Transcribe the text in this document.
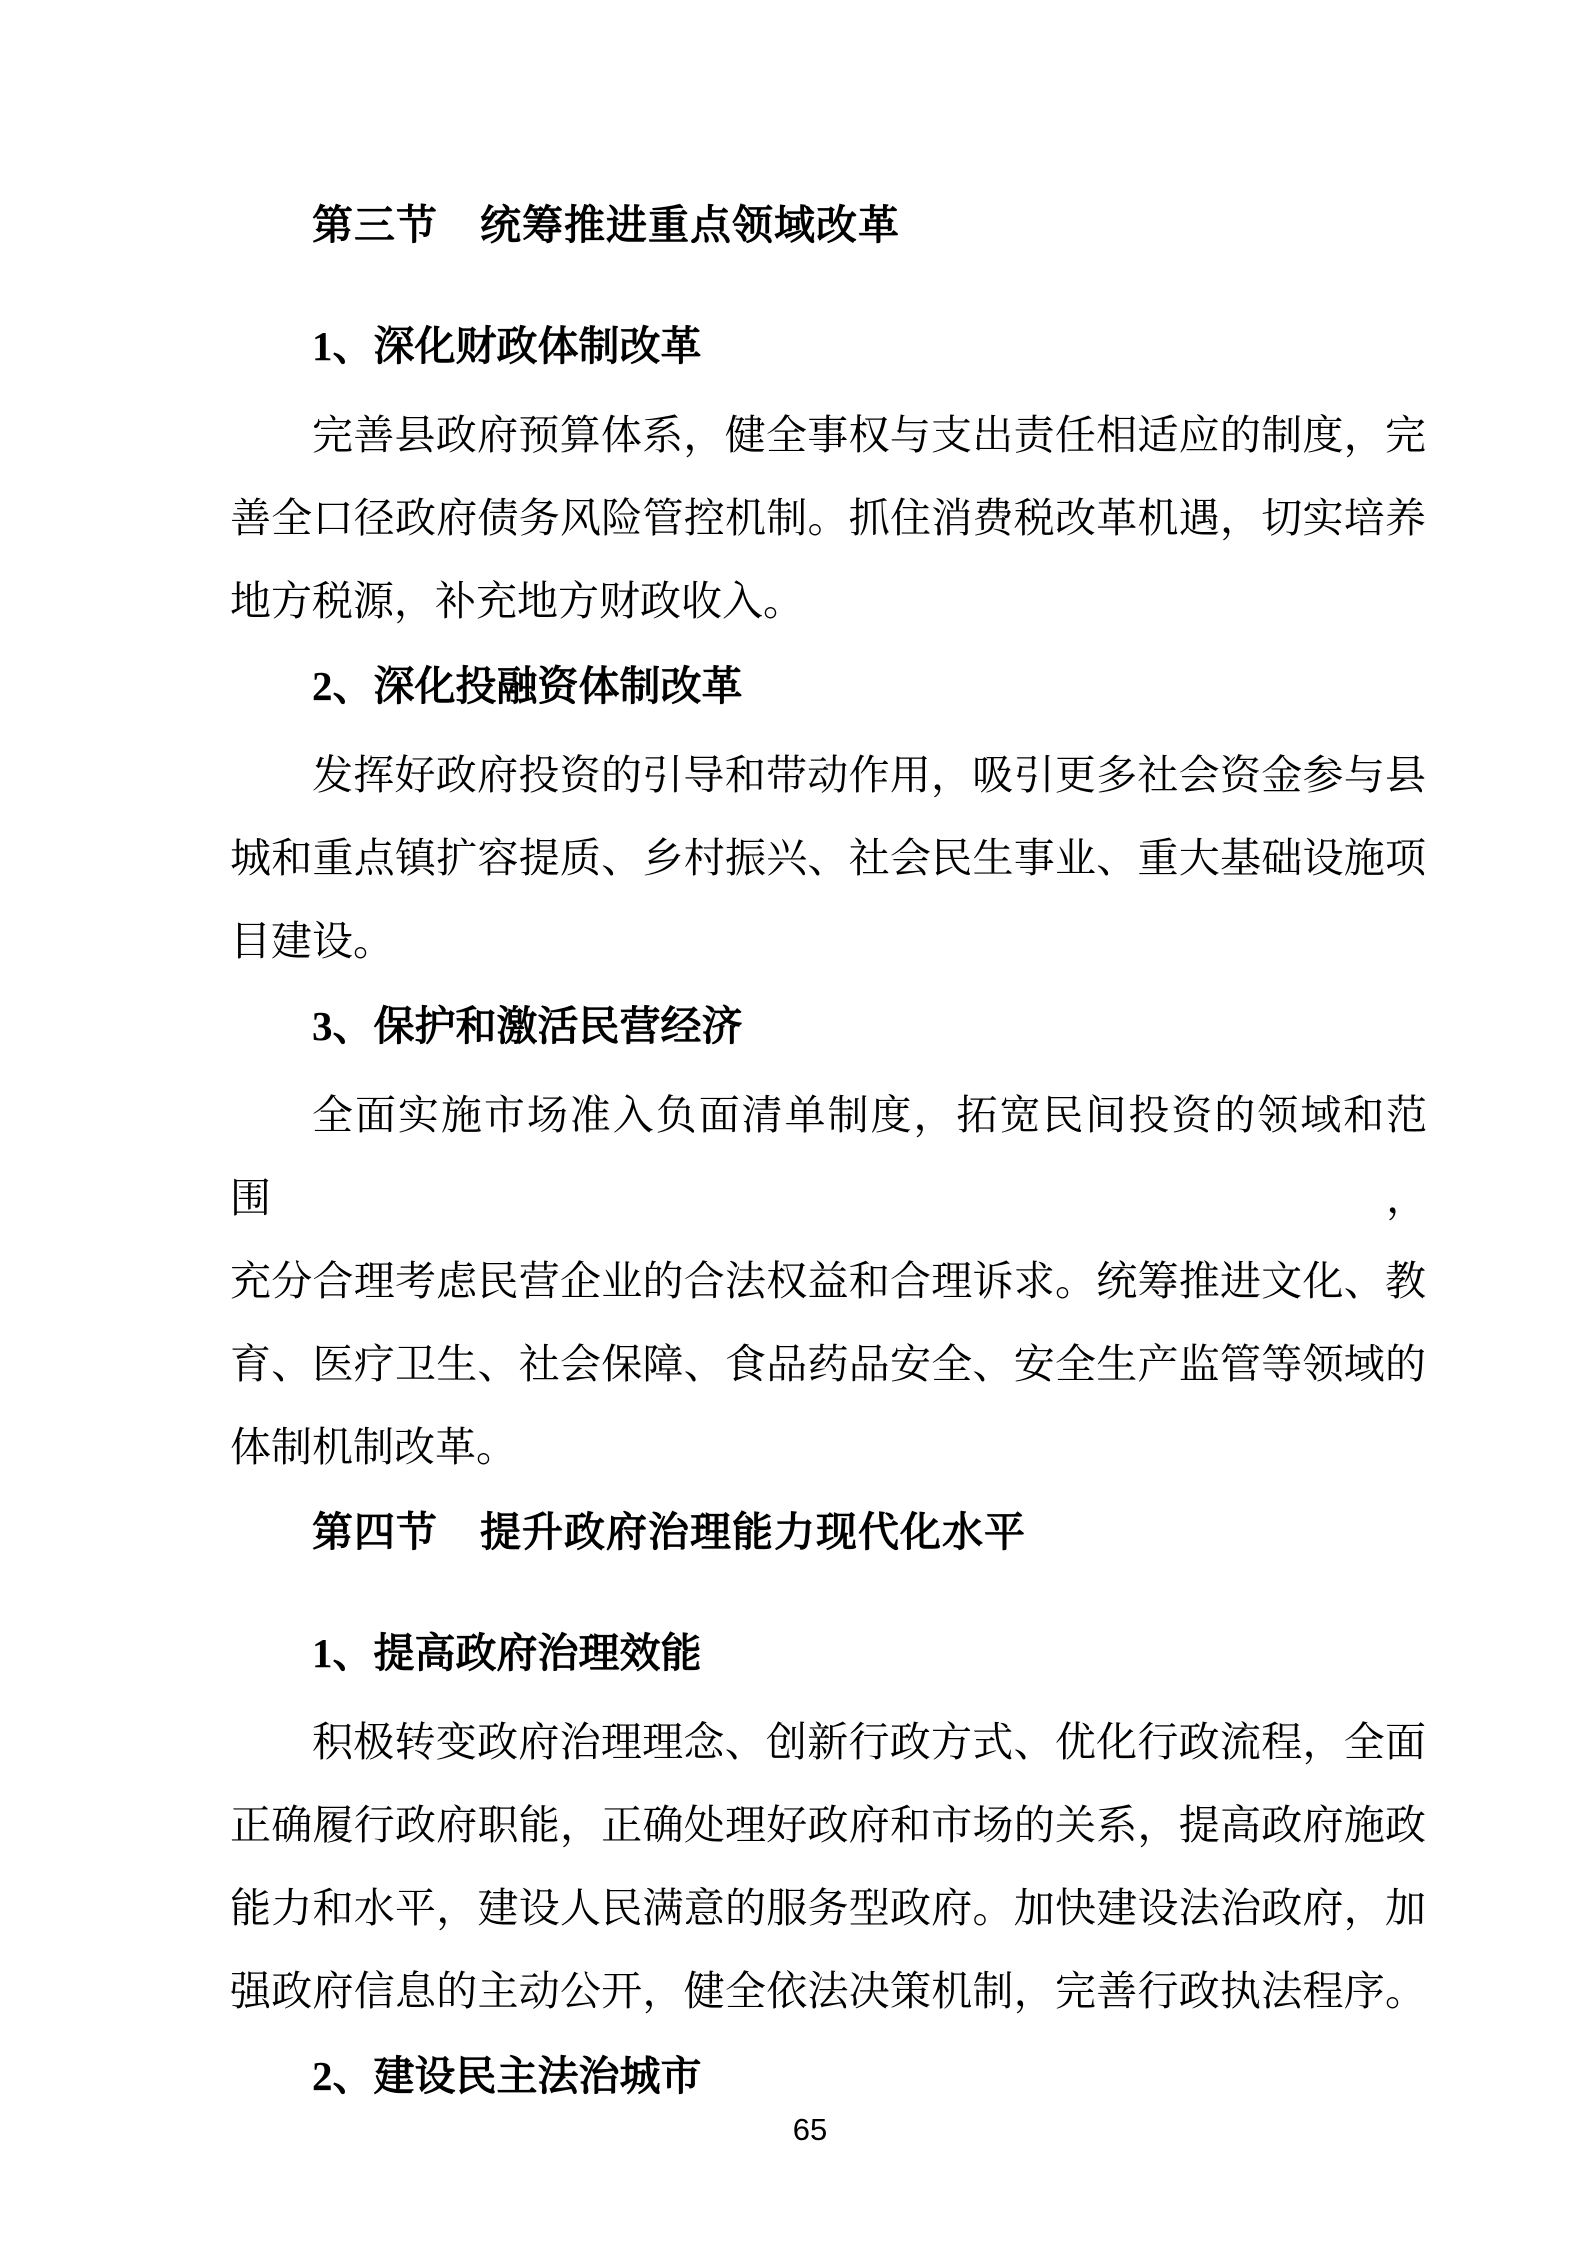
第三节　统筹推进重点领域改革
1、深化财政体制改革
完善县政府预算体系，健全事权与支出责任相适应的制度，完
善全口径政府债务风险管控机制。抓住消费税改革机遇，切实培养
地方税源，补充地方财政收入。
2、深化投融资体制改革
发挥好政府投资的引导和带动作用，吸引更多社会资金参与县
城和重点镇扩容提质、乡村振兴、社会民生事业、重大基础设施项
目建设。
3、保护和激活民营经济
全面实施市场准入负面清单制度，拓宽民间投资的领域和范围，
充分合理考虑民营企业的合法权益和合理诉求。统筹推进文化、教
育、医疗卫生、社会保障、食品药品安全、安全生产监管等领域的
体制机制改革。
第四节　提升政府治理能力现代化水平
1、提高政府治理效能
积极转变政府治理理念、创新行政方式、优化行政流程，全面
正确履行政府职能，正确处理好政府和市场的关系，提高政府施政
能力和水平，建设人民满意的服务型政府。加快建设法治政府，加
强政府信息的主动公开，健全依法决策机制，完善行政执法程序。
2、建设民主法治城市
65
